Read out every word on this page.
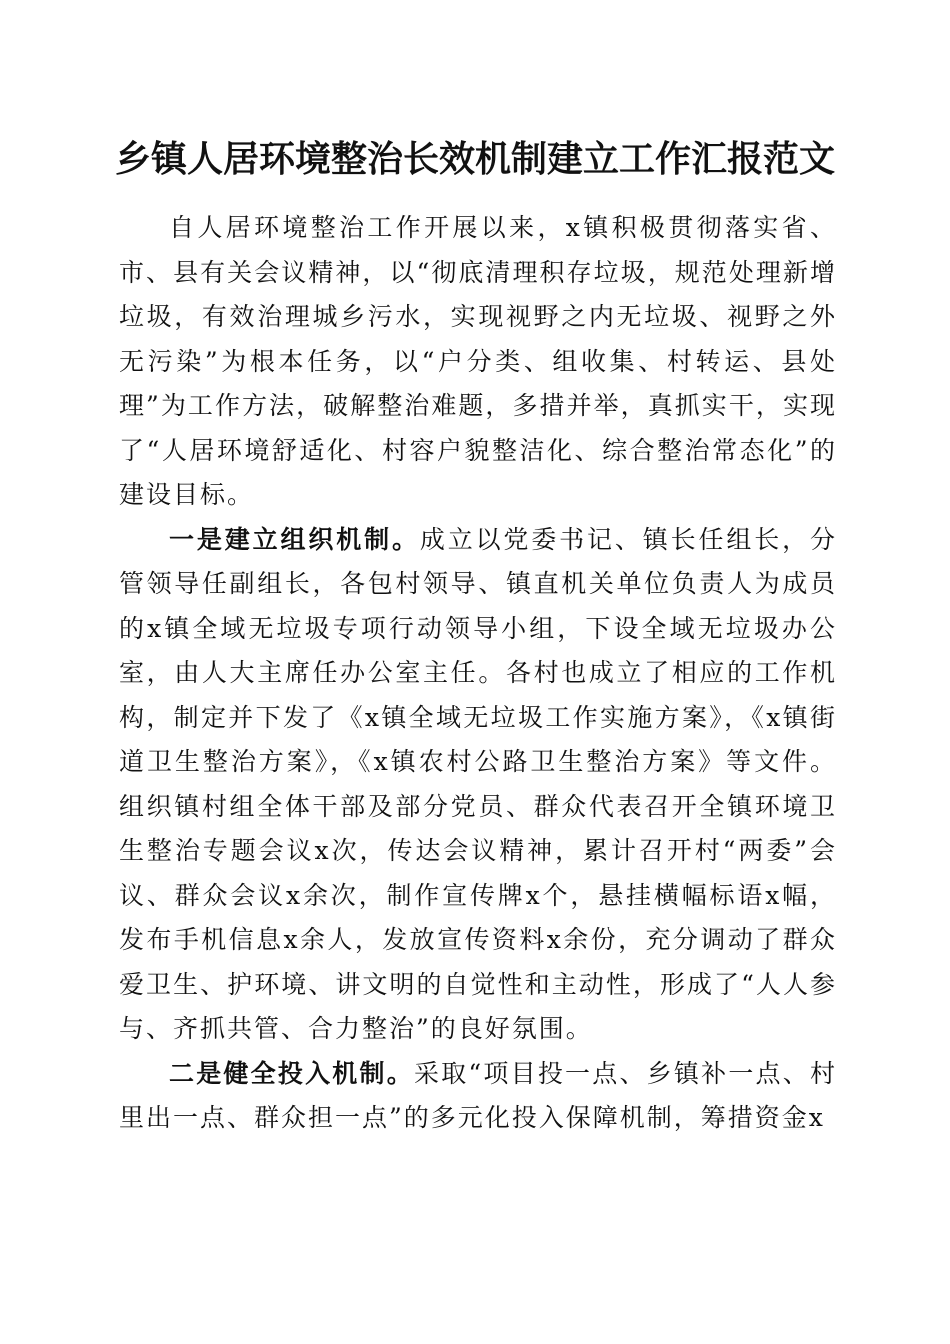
乡镇人居环境整治长效机制建立工作汇报范文

自人居环境整治工作开展以来，x镇积极贯彻落实省、市、县有关会议精神，以“彻底清理积存垃圾，规范处理新增垃圾，有效治理城乡污水，实现视野之内无垃圾、视野之外无污染”为根本任务，以“户分类、组收集、村转运、县处理”为工作方法，破解整治难题，多措并举，真抓实干，实现了“人居环境舒适化、村容户貌整洁化、综合整治常态化”的建设目标。

一是建立组织机制。成立以党委书记、镇长任组长，分管领导任副组长，各包村领导、镇直机关单位负责人为成员的x镇全域无垃圾专项行动领导小组，下设全域无垃圾办公室，由人大主席任办公室主任。各村也成立了相应的工作机构，制定并下发了《x镇全域无垃圾工作实施方案》，《x镇街道卫生整治方案》，《x镇农村公路卫生整治方案》等文件。组织镇村组全体干部及部分党员、群众代表召开全镇环境卫生整治专题会议x次，传达会议精神，累计召开村“两委”会议、群众会议x余次，制作宣传牌x个，悬挂横幅标语x幅，发布手机信息x余人，发放宣传资料x余份，充分调动了群众爱卫生、护环境、讲文明的自觉性和主动性，形成了“人人参与、齐抓共管、合力整治”的良好氛围。

二是健全投入机制。采取“项目投一点、乡镇补一点、村里出一点、群众担一点”的多元化投入保障机制，筹措资金x
